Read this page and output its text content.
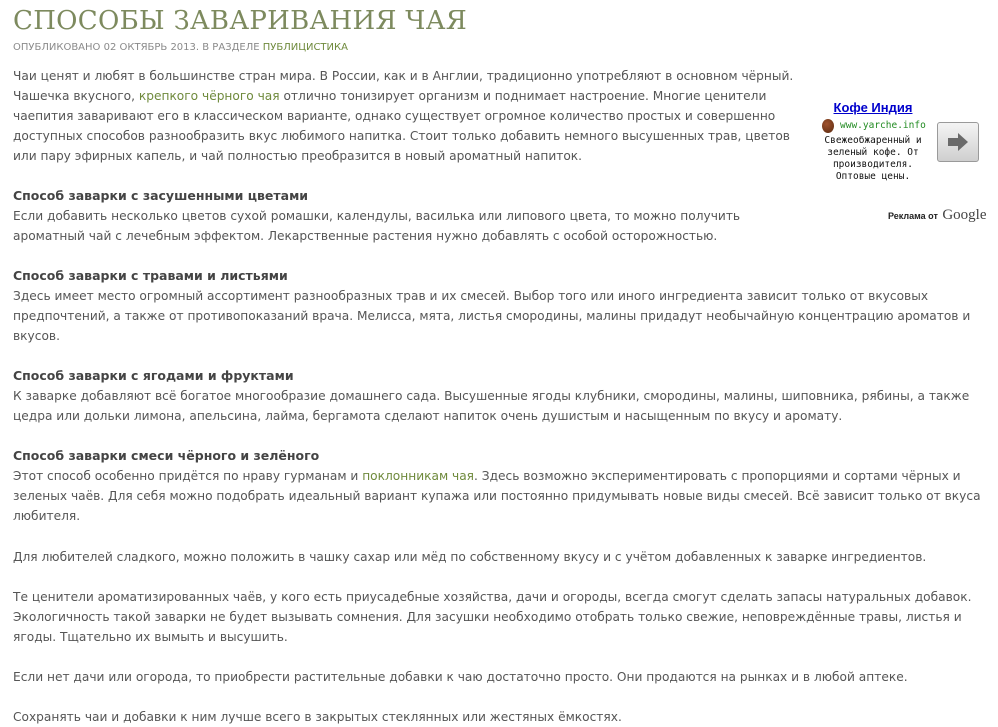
СПОСОБЫ ЗАВАРИВАНИЯ ЧАЯ
ОПУБЛИКОВАНО 02 ОКТЯБРЬ 2013. В РАЗДЕЛЕ ПУБЛИЦИСТИКА

Чаи ценят и любят в большинстве стран мира. В России, как и в Англии, традиционно употребляют в основном чёрный. Чашечка вкусного, крепкого чёрного чая отлично тонизирует организм и поднимает настроение. Многие ценители чаепития заваривают его в классическом варианте, однако существует огромное количество простых и совершенно доступных способов разнообразить вкус любимого напитка. Стоит только добавить немного высушенных трав, цветов или пару эфирных капель, и чай полностью преобразится в новый ароматный напиток.

Способ заварки с засушенными цветами

Если добавить несколько цветов сухой ромашки, календулы, василька или липового цвета, то можно получить ароматный чай с лечебным эффектом. Лекарственные растения нужно добавлять с особой осторожностью.

Способ заварки с травами и листьями

Здесь имеет место огромный ассортимент разнообразных трав и их смесей. Выбор того или иного ингредиента зависит только от вкусовых предпочтений, а также от противопоказаний врача. Мелисса, мята, листья смородины, малины придадут необычайную концентрацию ароматов и вкусов.

Способ заварки с ягодами и фруктами

К заварке добавляют всё богатое многообразие домашнего сада. Высушенные ягоды клубники, смородины, малины, шиповника, рябины, а также цедра или дольки лимона, апельсина, лайма, бергамота сделают напиток очень душистым и насыщенным по вкусу и аромату.

Способ заварки смеси чёрного и зелёного

Этот способ особенно придётся по нраву гурманам и поклонникам чая. Здесь возможно экспериментировать с пропорциями и сортами чёрных и зеленых чаёв. Для себя можно подобрать идеальный вариант купажа или постоянно придумывать новые виды смесей. Всё зависит только от вкуса любителя.

Для любителей сладкого, можно положить в чашку сахар или мёд по собственному вкусу и с учётом добавленных к заварке ингредиентов.

Те ценители ароматизированных чаёв, у кого есть приусадебные хозяйства, дачи и огороды, всегда смогут сделать запасы натуральных добавок. Экологичность такой заварки не будет вызывать сомнения. Для засушки необходимо отобрать только свежие, неповреждённые травы, листья и ягоды. Тщательно их вымыть и высушить.

Если нет дачи или огорода, то приобрести растительные добавки к чаю достаточно просто. Они продаются на рынках и в любой аптеке.

Сохранять чаи и добавки к ним лучше всего в закрытых стеклянных или жестяных ёмкостях.

Кофе Индия
www.yarche.info
Свежеобжаренный и зеленый кофе. От производителя. Оптовые цены.
Реклама от Google
